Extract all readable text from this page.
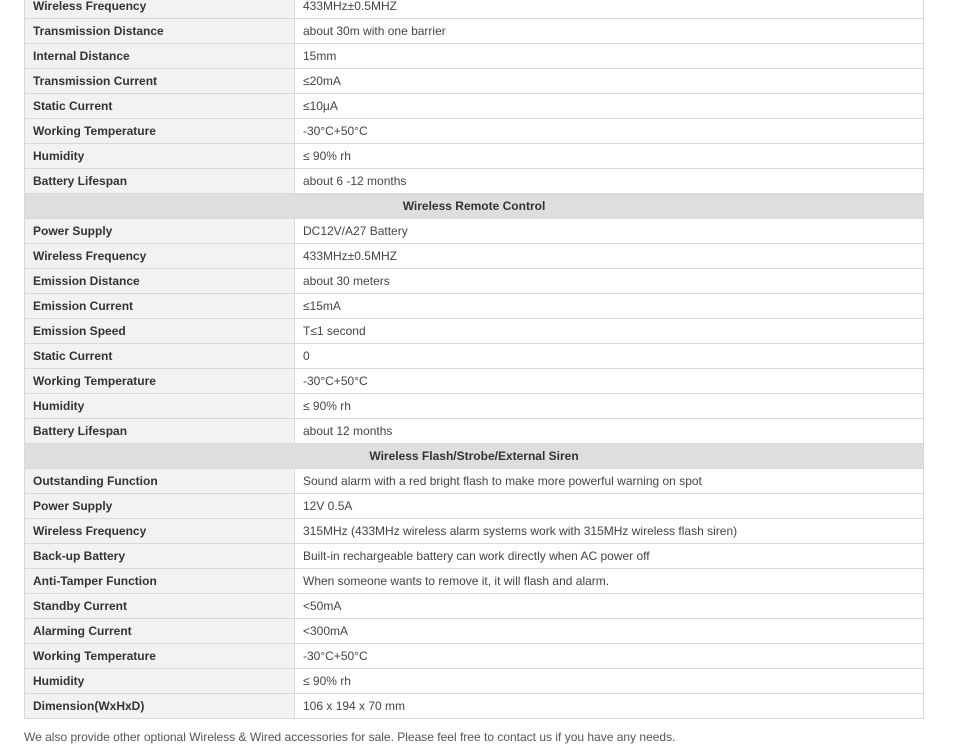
Wireless Frequency	433MHz±0.5MHZ
Transmission Distance	about 30m with one barrier
Internal Distance	15mm
Transmission Current	≤20mA
Static Current	≤10μA
Working Temperature	-30°C+50°C
Humidity	≤ 90% rh
Battery Lifespan	about 6 -12 months
Wireless Remote Control	
Power Supply	DC12V/A27 Battery
Wireless Frequency	433MHz±0.5MHZ
Emission Distance	about 30 meters
Emission Current	≤15mA
Emission Speed	T≤1 second
Static Current	0
Working Temperature	-30°C+50°C
Humidity	≤ 90% rh
Battery Lifespan	about 12 months
Wireless Flash/Strobe/External Siren	
Outstanding Function	Sound alarm with a red bright flash to make more powerful warning on spot
Power Supply	12V 0.5A
Wireless Frequency	315MHz (433MHz wireless alarm systems work with 315MHz wireless flash siren)
Back-up Battery	Built-in rechargeable battery can work directly when AC power off
Anti-Tamper Function	When someone wants to remove it, it will flash and alarm.
Standby Current	<50mA
Alarming Current	<300mA
Working Temperature	-30°C+50°C
Humidity	≤ 90% rh
Dimension(WxHxD)	106 x 194 x 70 mm
We also provide other optional Wireless & Wired accessories for sale. Please feel free to contact us if you have any needs.
